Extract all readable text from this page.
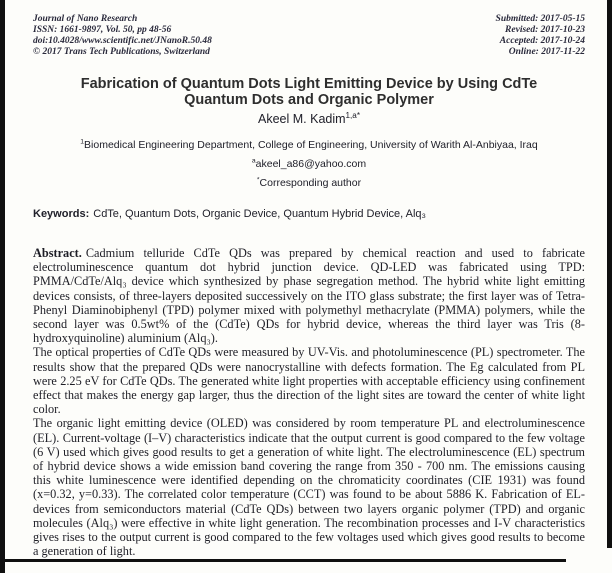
Journal of Nano Research
ISSN: 1661-9897, Vol. 50, pp 48-56
doi:10.4028/www.scientific.net/JNanoR.50.48
© 2017 Trans Tech Publications, Switzerland
Submitted: 2017-05-15
Revised: 2017-10-23
Accepted: 2017-10-24
Online: 2017-11-22
Fabrication of Quantum Dots Light Emitting Device by Using CdTe Quantum Dots and Organic Polymer
Akeel M. Kadim$^{1,a*}$
$^1$Biomedical Engineering Department, College of Engineering, University of Warith Al-Anbiyaa, Iraq
$^a$akeel_a86@yahoo.com
*Corresponding author
Keywords: CdTe, Quantum Dots, Organic Device, Quantum Hybrid Device, Alq₃

Abstract. Cadmium telluride CdTe QDs was prepared by chemical reaction and used to fabricate electroluminescence quantum dot hybrid junction device. QD-LED was fabricated using TPD: PMMA/CdTe/Alq₃ device which synthesized by phase segregation method. The hybrid white light emitting devices consists, of three-layers deposited successively on the ITO glass substrate; the first layer was of Tetra-Phenyl Diaminobiphenyl (TPD) polymer mixed with polymethyl methacrylate (PMMA) polymers, while the second layer was 0.5wt% of the (CdTe) QDs for hybrid device, whereas the third layer was Tris (8-hydroxyquinoline) aluminium (Alq₃).

The optical properties of CdTe QDs were measured by UV-Vis. and photoluminescence (PL) spectrometer. The results show that the prepared QDs were nanocrystalline with defects formation. The Eg calculated from PL were 2.25 eV for CdTe QDs. The generated white light properties with acceptable efficiency using confinement effect that makes the energy gap larger, thus the direction of the light sites are toward the center of white light color.

The organic light emitting device (OLED) was considered by room temperature PL and electroluminescence (EL). Current-voltage (I–V) characteristics indicate that the output current is good compared to the few voltage (6 V) used which gives good results to get a generation of white light. The electroluminescence (EL) spectrum of hybrid device shows a wide emission band covering the range from 350 - 700 nm. The emissions causing this white luminescence were identified depending on the chromaticity coordinates (CIE 1931) was found (x=0.32, y=0.33). The correlated color temperature (CCT) was found to be about 5886 K. Fabrication of EL-devices from semiconductors material (CdTe QDs) between two layers organic polymer (TPD) and organic molecules (Alq₃) were effective in white light generation. The recombination processes and I-V characteristics gives rises to the output current is good compared to the few voltages used which gives good results to become a generation of light.
